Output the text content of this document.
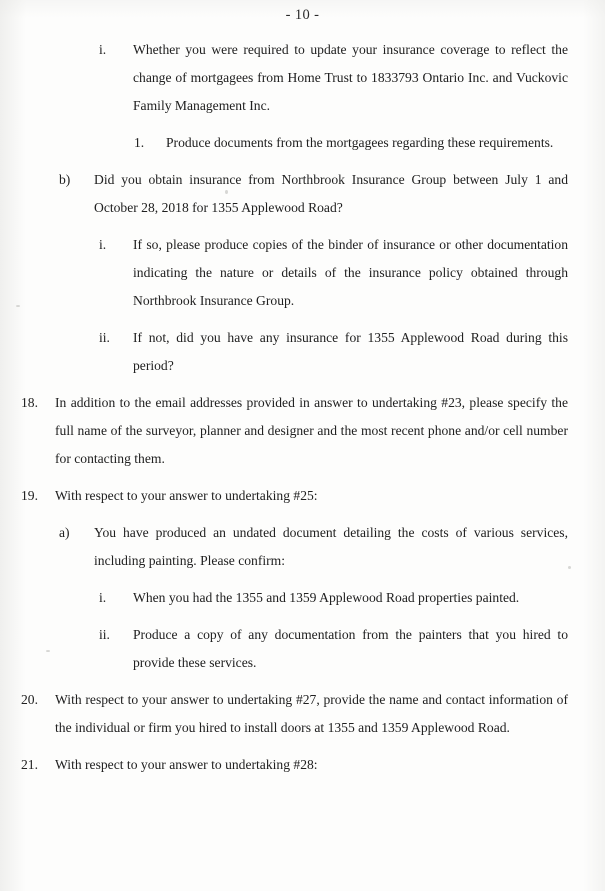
- 10 -
i. Whether you were required to update your insurance coverage to reflect the change of mortgagees from Home Trust to 1833793 Ontario Inc. and Vuckovic Family Management Inc.
1. Produce documents from the mortgagees regarding these requirements.
b) Did you obtain insurance from Northbrook Insurance Group between July 1 and October 28, 2018 for 1355 Applewood Road?
i. If so, please produce copies of the binder of insurance or other documentation indicating the nature or details of the insurance policy obtained through Northbrook Insurance Group.
ii. If not, did you have any insurance for 1355 Applewood Road during this period?
18. In addition to the email addresses provided in answer to undertaking #23, please specify the full name of the surveyor, planner and designer and the most recent phone and/or cell number for contacting them.
19. With respect to your answer to undertaking #25:
a) You have produced an undated document detailing the costs of various services, including painting. Please confirm:
i. When you had the 1355 and 1359 Applewood Road properties painted.
ii. Produce a copy of any documentation from the painters that you hired to provide these services.
20. With respect to your answer to undertaking #27, provide the name and contact information of the individual or firm you hired to install doors at 1355 and 1359 Applewood Road.
21. With respect to your answer to undertaking #28:
